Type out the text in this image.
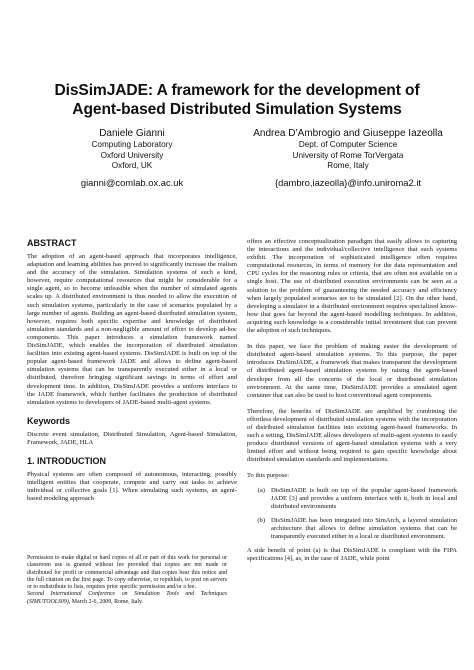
DisSimJADE: A framework for the development of
Agent-based Distributed Simulation Systems
Daniele Gianni
Computing Laboratory
Oxford University
Oxford, UK
gianni@comlab.ox.ac.uk
Andrea D’Ambrogio and Giuseppe Iazeolla
Dept. of Computer Science
University of Rome TorVergata
Rome, Italy
{dambro,iazeolla}@info.uniroma2.it
ABSTRACT

The adoption of an agent-based approach that incorporates intelligence, adaptation and learning abilities has proved to significantly increase the realism and the accuracy of the simulation. Simulation systems of such a kind, however, require computational resources that might be considerable for a single agent, so to become unfeasible when the number of simulated agents scales up. A distributed environment is thus needed to allow the execution of such simulation systems, particularly in the case of scenarios populated by a large number of agents. Building an agent-based distributed simulation system, however, requires both specific expertise and knowledge of distributed simulation standards and a non-negligible amount of effort to develop ad-hoc components. This paper introduces a simulation framework named DisSimJADE, which enables the incorporation of distributed simulation facilities into existing agent-based systems. DisSimJADE is built on top of the popular agent-based framework JADE and allows to define agent-based simulation systems that can be transparently executed either in a local or distributed, therefore bringing significant savings in terms of effort and development time. In addition, DisSimJADE provides a uniform interface to the JADE framework, which further facilitates the production of distributed simulation systems to developers of JADE-based multi-agent systems.

Keywords

Discrete event simulation, Distributed Simulation, Agent-based Simulation, Framework, JADE, HLA

1. INTRODUCTION

Physical systems are often composed of autonomous, interacting, possibly intelligent entities that cooperate, compete and carry out tasks to achieve individual or collective goals [1]. When simulating such systems, an agent-based modeling approach

Permission to make digital or hard copies of all or part of this work for personal or classroom use is granted without fee provided that copies are not made or distributed for profit or commercial advantage and that copies bear this notice and the full citation on the first page. To copy otherwise, or republish, to post on servers or to redistribute to lists, requires prior specific permission and/or a fee.

Second International Conference on Simulation Tools and Techniques (SIMUTOOLS09), March 2-6, 2009, Rome, Italy.

offers an effective conceptualization paradigm that easily allows to capturing the interactions and the individual/collective intelligence that such systems exhibit. The incorporation of sophisticated intelligence often requires computational resources, in terms of memory for the data representation and CPU cycles for the reasoning rules or criteria, that are often not available on a single host. The use of distributed execution environments can be seen as a solution to the problem of guaranteeing the needed accuracy and efficiency when largely populated scenarios are to be simulated [2]. On the other hand, developing a simulator in a distributed environment requires specialized know-how that goes far beyond the agent-based modelling techniques. In addition, acquiring such knowledge is a considerable initial investment that can prevent the adoption of such techniques.

In this paper, we face the problem of making easier the development of distributed agent-based simulation systems. To this purpose, the paper introduces DisSimJADE, a framework that makes transparent the development of distributed agent-based simulation systems by raising the agent-based developer from all the concerns of the local or distributed simulation environment. At the same time, DisSimJADE provides a simulated agent container that can also be used to host conventional agent components.

Therefore, the benefits of DisSimJADE are amplified by combining the effortless development of distributed simulation systems with the incorporation of distributed simulation facilities into existing agent-based frameworks. In such a setting, DisSimJADE allows developers of multi-agent systems to easily produce distributed versions of agent-based simulation systems with a very limited effort and without being required to gain specific knowledge about distributed simulation standards and implementations.

To this purpose:

(a) DisSimJADE is built on top of the popular agent-based framework JADE [3] and provides a uniform interface with it, both in local and distributed environments
(b) DisSimJADE has been integrated into SimArch, a layered simulation architecture that allows to define simulation systems that can be transparently executed either in a local or distributed environment.

A side benefit of point (a) is that DisSimJADE is compliant with the FIPA specifications [4], as, in the case of JADE, while point
